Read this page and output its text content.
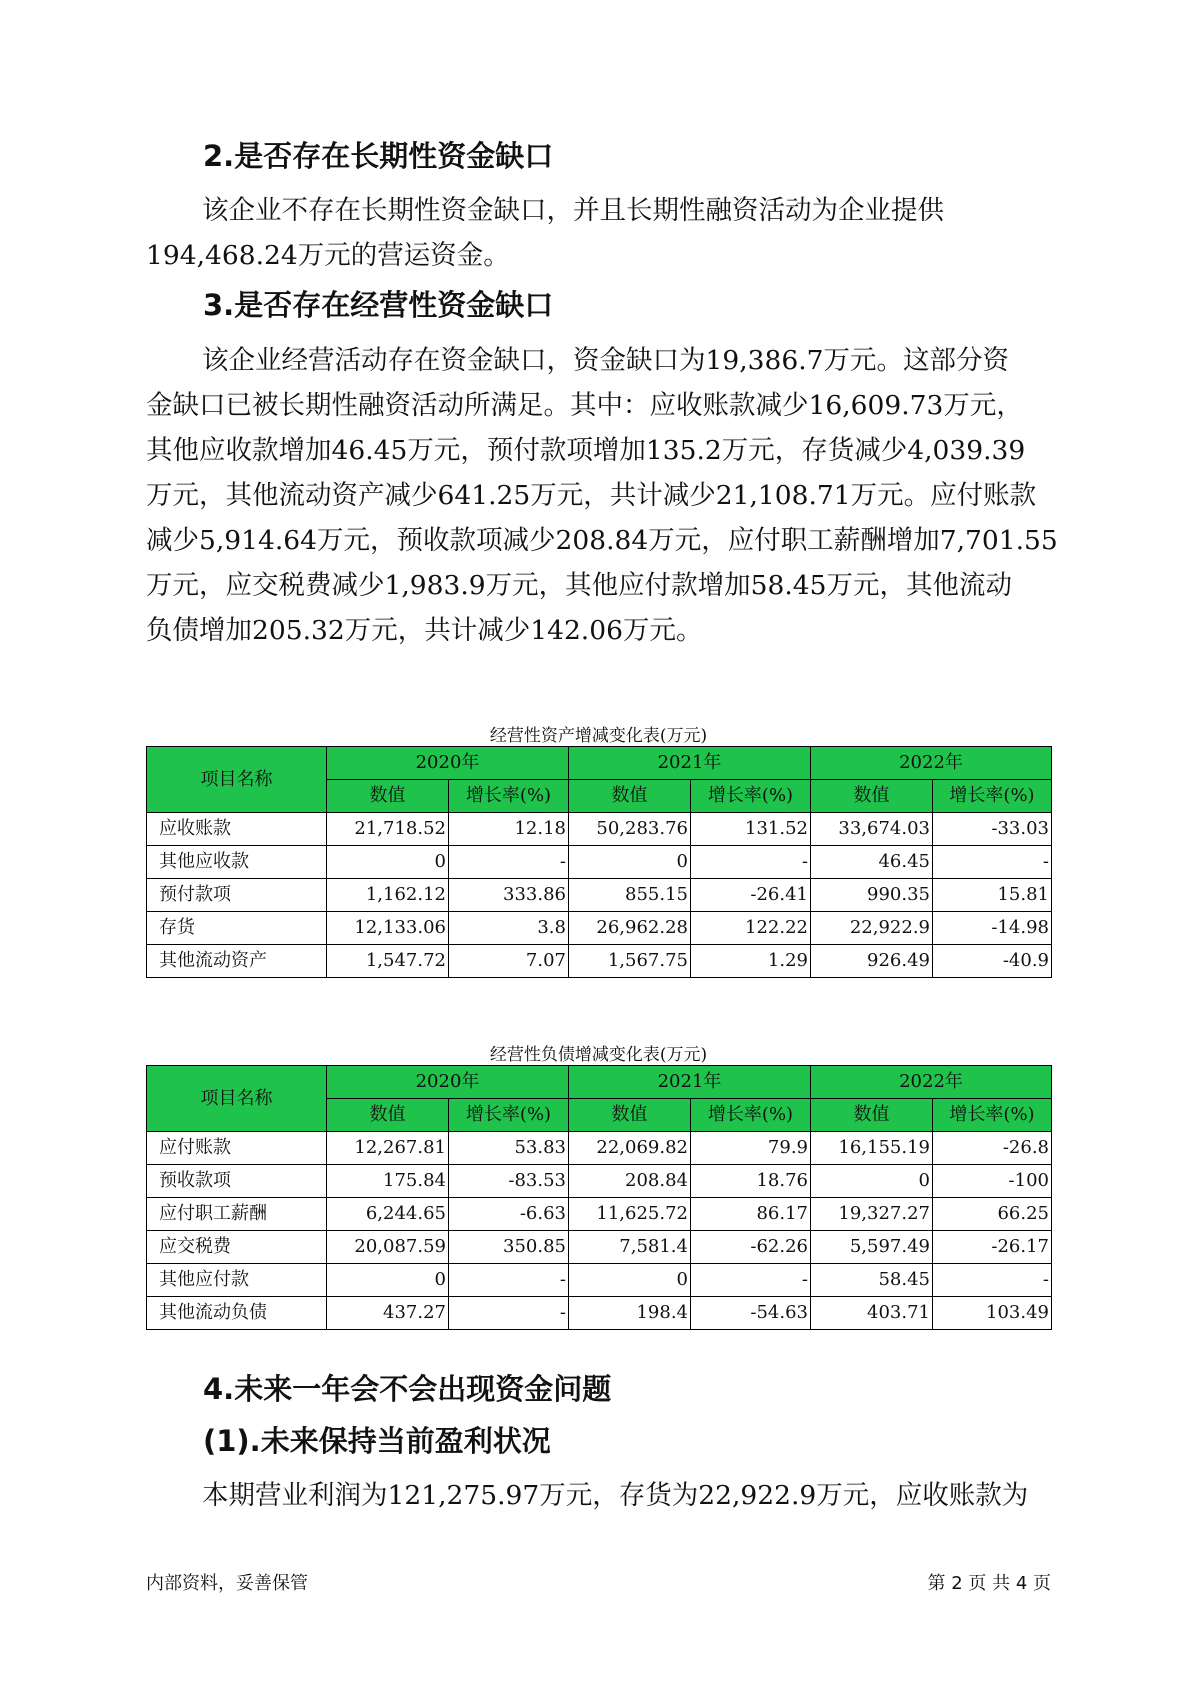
2.是否存在长期性资金缺口

该企业不存在长期性资金缺口，并且长期性融资活动为企业提供
194,468.24万元的营运资金。

3.是否存在经营性资金缺口

该企业经营活动存在资金缺口，资金缺口为19,386.7万元。这部分资
金缺口已被长期性融资活动所满足。其中：应收账款减少16,609.73万元，
其他应收款增加46.45万元，预付款项增加135.2万元，存货减少4,039.39
万元，其他流动资产减少641.25万元，共计减少21,108.71万元。应付账款
减少5,914.64万元，预收款项减少208.84万元，应付职工薪酬增加7,701.55
万元，应交税费减少1,983.9万元，其他应付款增加58.45万元，其他流动
负债增加205.32万元，共计减少142.06万元。

经营性资产增减变化表(万元)

项目名称	2020年		2021年		2022年	
	数值	增长率(%)	数值	增长率(%)	数值	增长率(%)
应收账款	21,718.52	12.18	50,283.76	131.52	33,674.03	-33.03
其他应收款	0	-	0	-	46.45	-
预付款项	1,162.12	333.86	855.15	-26.41	990.35	15.81
存货	12,133.06	3.8	26,962.28	122.22	22,922.9	-14.98
其他流动资产	1,547.72	7.07	1,567.75	1.29	926.49	-40.9

经营性负债增减变化表(万元)

项目名称	2020年		2021年		2022年	
	数值	增长率(%)	数值	增长率(%)	数值	增长率(%)
应付账款	12,267.81	53.83	22,069.82	79.9	16,155.19	-26.8
预收款项	175.84	-83.53	208.84	18.76	0	-100
应付职工薪酬	6,244.65	-6.63	11,625.72	86.17	19,327.27	66.25
应交税费	20,087.59	350.85	7,581.4	-62.26	5,597.49	-26.17
其他应付款	0	-	0	-	58.45	-
其他流动负债	437.27	-	198.4	-54.63	403.71	103.49
4.未来一年会不会出现资金问题
(1).未来保持当前盈利状况

本期营业利润为121,275.97万元，存货为22,922.9万元，应收账款为

内部资料，妥善保管	第 2 页 共 4 页
